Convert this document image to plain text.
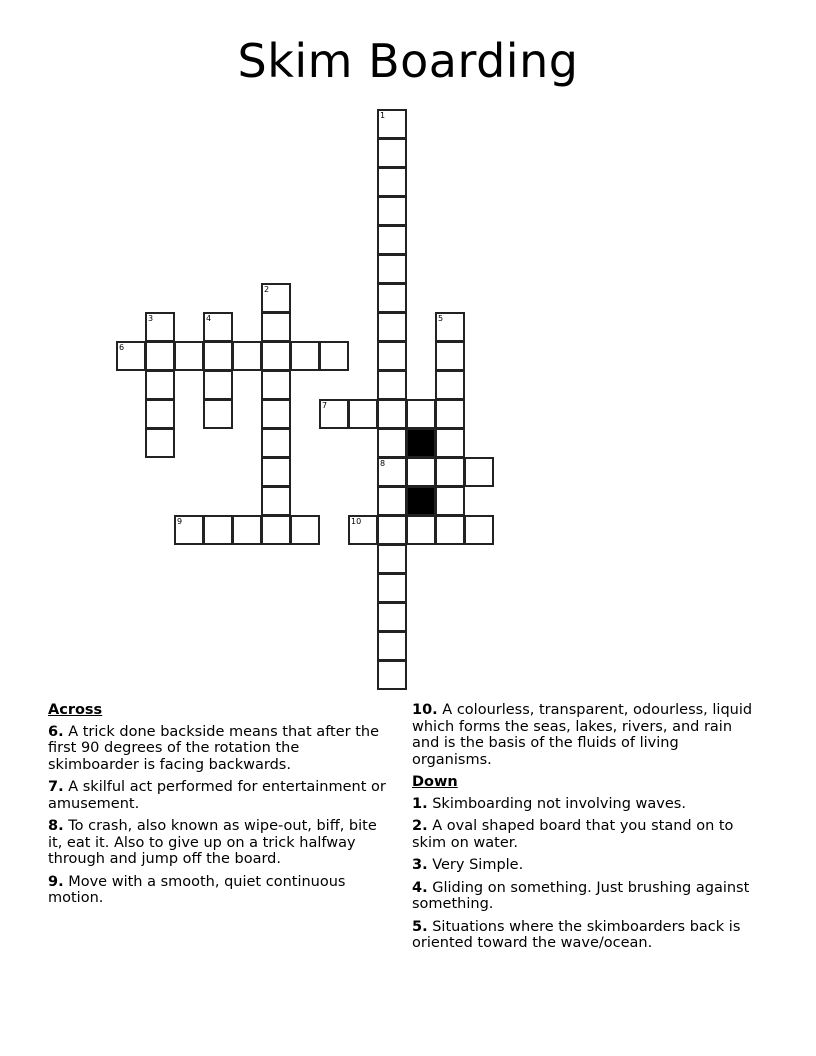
Skim Boarding
1
8
2
3	4	5
6
7
9	10
Across
6. A trick done backside means that after the first 90 degrees of the rotation the skimboarder is facing backwards.
7. A skilful act performed for entertainment or amusement.
8. To crash, also known as wipe-out, biff, bite it, eat it. Also to give up on a trick halfway through and jump off the board.
9. Move with a smooth, quiet continuous motion.
10. A colourless, transparent, odourless, liquid which forms the seas, lakes, rivers, and rain and is the basis of the fluids of living organisms.
Down
1. Skimboarding not involving waves.
2. A oval shaped board that you stand on to skim on water.
3. Very Simple.
4. Gliding on something. Just brushing against something.
5. Situations where the skimboarders back is oriented toward the wave/ocean.
